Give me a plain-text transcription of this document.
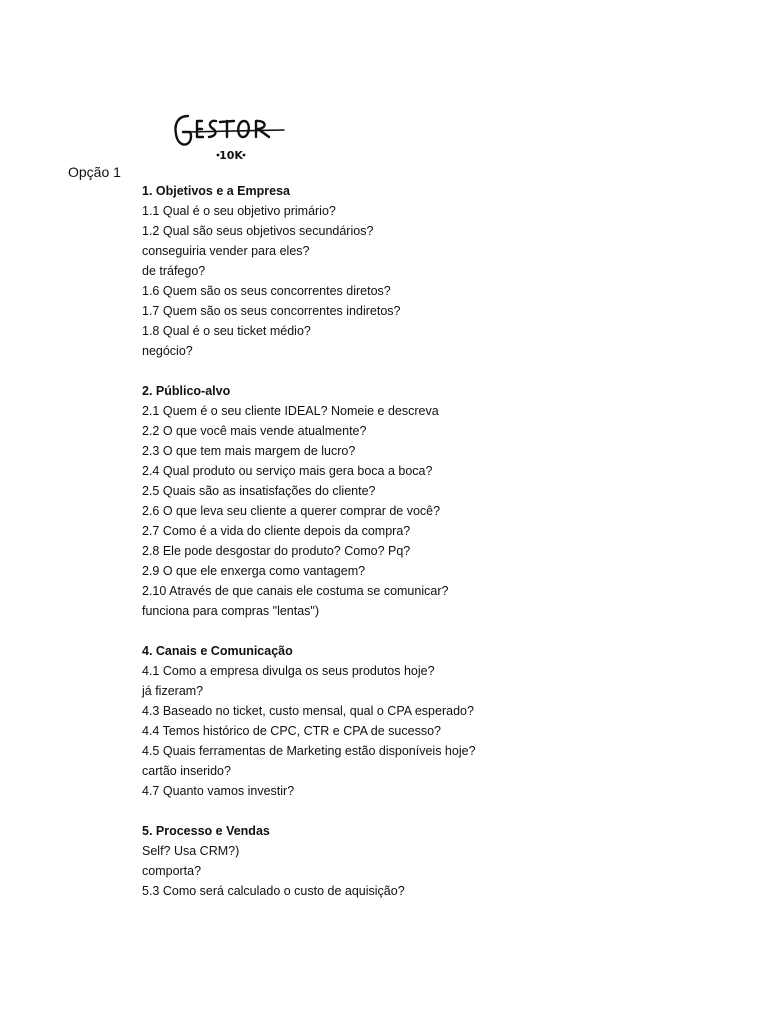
10K
Opção 1
1. Objetivos e a Empresa
1.1 Qual é o seu objetivo primário?
1.2 Qual são seus objetivos secundários?
conseguiria vender para eles?
de tráfego?
1.6 Quem são os seus concorrentes diretos?
1.7 Quem são os seus concorrentes indiretos?
1.8 Qual é o seu ticket médio?
negócio?
2. Público-alvo
2.1 Quem é o seu cliente IDEAL? Nomeie e descreva
2.2 O que você mais vende atualmente?
2.3 O que tem mais margem de lucro?
2.4 Qual produto ou serviço mais gera boca a boca?
2.5 Quais são as insatisfações do cliente?
2.6 O que leva seu cliente a querer comprar de você?
2.7 Como é a vida do cliente depois da compra?
2.8 Ele pode desgostar do produto? Como? Pq?
2.9 O que ele enxerga como vantagem?
2.10 Através de que canais ele costuma se comunicar?
funciona para compras "lentas")
4. Canais e Comunicação
4.1 Como a empresa divulga os seus produtos hoje?
já fizeram?
4.3 Baseado no ticket, custo mensal, qual o CPA esperado?
4.4 Temos histórico de CPC, CTR e CPA de sucesso?
4.5 Quais ferramentas de Marketing estão disponíveis hoje?
cartão inserido?
4.7 Quanto vamos investir?
5. Processo e Vendas
Self? Usa CRM?)
comporta?
5.3 Como será calculado o custo de aquisição?
